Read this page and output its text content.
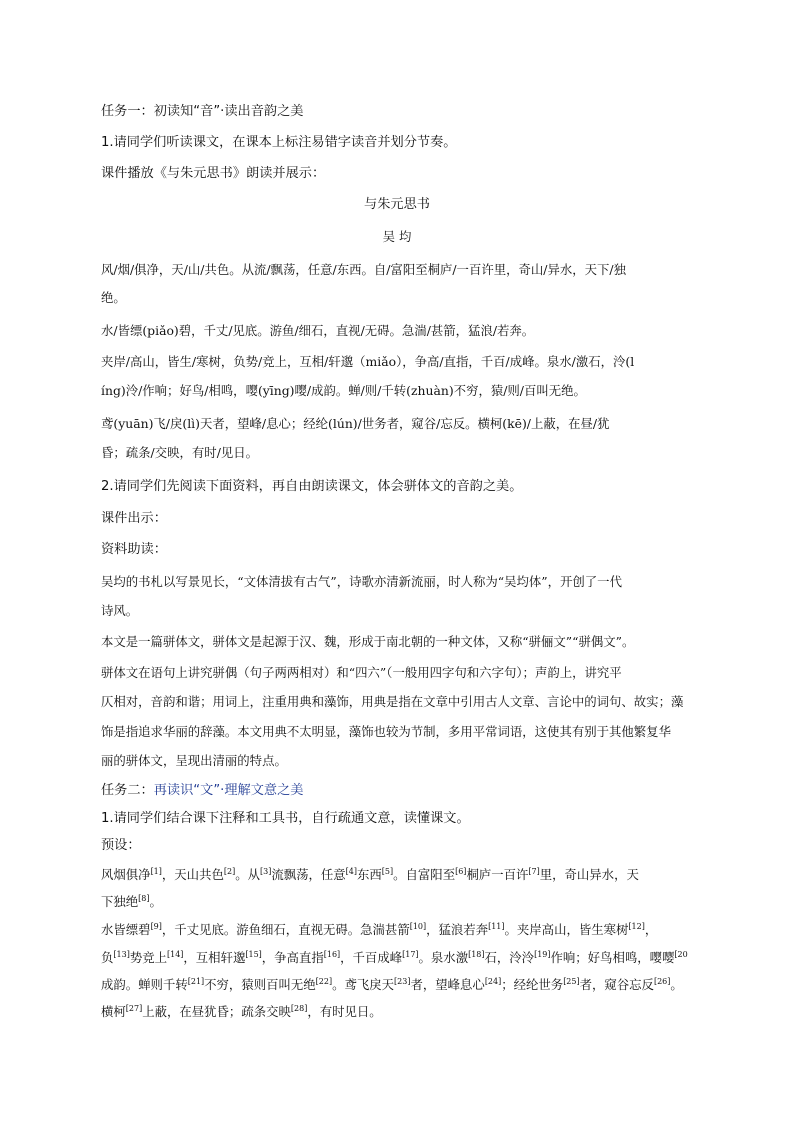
任务一：初读知“音”·读出音韵之美
1.请同学们听读课文，在课本上标注易错字读音并划分节奏。
课件播放《与朱元思书》朗读并展示：
与朱元思书
吴 均
风/烟/俱净，天/山/共色。从流/飘荡，任意/东西。自/富阳至桐庐/一百许里，奇山/异水，天下/独
绝。
水/皆缥(piǎo)碧，千丈/见底。游鱼/细石，直视/无碍。急湍/甚箭，猛浪/若奔。
夹岸/高山，皆生/寒树，负势/竞上，互相/轩邈（miǎo），争高/直指，千百/成峰。泉水/激石，泠(l
íng)泠/作响；好鸟/相鸣，嘤(yīng)嘤/成韵。蝉/则/千转(zhuàn)不穷，猿/则/百叫无绝。
鸢(yuān)飞/戾(lì)天者，望峰/息心；经纶(lún)/世务者，窥谷/忘反。横柯(kē)/上蔽，在昼/犹
昏；疏条/交映，有时/见日。
2.请同学们先阅读下面资料，再自由朗读课文，体会骈体文的音韵之美。
课件出示：
资料助读：
吴均的书札以写景见长，“文体清拔有古气”，诗歌亦清新流丽，时人称为“吴均体”，开创了一代
诗风。
本文是一篇骈体文，骈体文是起源于汉、魏，形成于南北朝的一种文体，又称“骈俪文”“骈偶文”。
骈体文在语句上讲究骈偶（句子两两相对）和“四六”（一般用四字句和六字句）；声韵上，讲究平
仄相对，音韵和谐；用词上，注重用典和藻饰，用典是指在文章中引用古人文章、言论中的词句、故实；藻
饰是指追求华丽的辞藻。本文用典不太明显，藻饰也较为节制，多用平常词语，这使其有别于其他繁复华
丽的骈体文，呈现出清丽的特点。
任务二：再读识“文”·理解文意之美
1.请同学们结合课下注释和工具书，自行疏通文意，读懂课文。
预设：
风烟俱净[1]，天山共色[2]。从[3]流飘荡，任意[4]东西[5]。自富阳至[6]桐庐一百许[7]里，奇山异水，天
下独绝[8]。
水皆缥碧[9]，千丈见底。游鱼细石，直视无碍。急湍甚箭[10]，猛浪若奔[11]。夹岸高山，皆生寒树[12]，
负[13]势竞上[14]，互相轩邈[15]，争高直指[16]，千百成峰[17]。泉水激[18]石，泠泠[19]作响；好鸟相鸣，嘤嘤$^{[20}$
成韵。蝉则千转[21]不穷，猿则百叫无绝[22]。鸢飞戾天[23]者，望峰息心[24]；经纶世务[25]者，窥谷忘反[26]。
横柯[27]上蔽，在昼犹昏；疏条交映[28]，有时见日。
